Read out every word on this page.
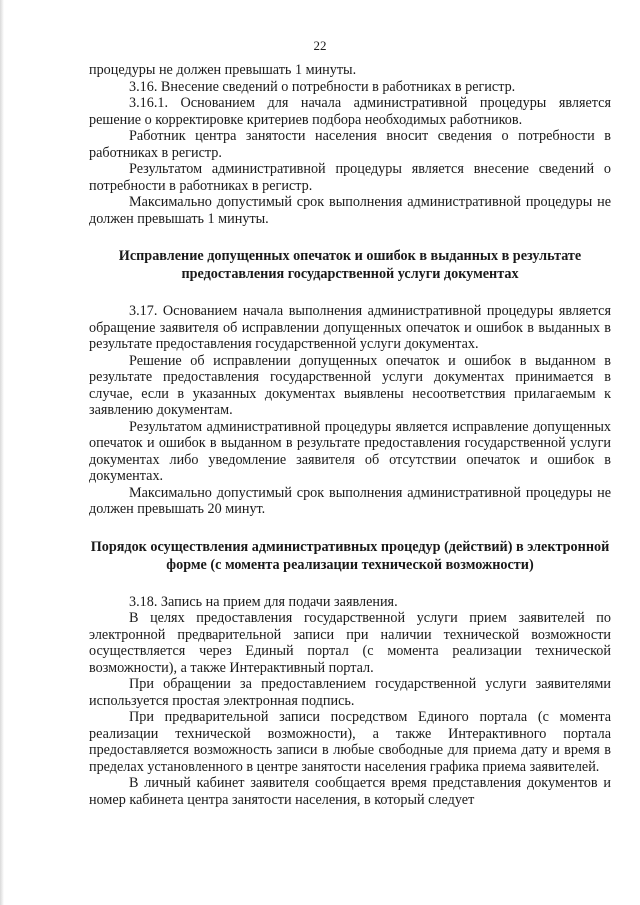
22

процедуры не должен превышать 1 минуты.

3.16. Внесение сведений о потребности в работниках в регистр.

3.16.1. Основанием для начала административной процедуры является решение о корректировке критериев подбора необходимых работников.

Работник центра занятости населения вносит сведения о потребности в работниках в регистр.

Результатом административной процедуры является внесение сведений о потребности в работниках в регистр.

Максимально допустимый срок выполнения административной процедуры не должен превышать 1 минуты.

Исправление допущенных опечаток и ошибок в выданных в результате предоставления государственной услуги документах

3.17. Основанием начала выполнения административной процедуры является обращение заявителя об исправлении допущенных опечаток и ошибок в выданных в результате предоставления государственной услуги документах.

Решение об исправлении допущенных опечаток и ошибок в выданном в результате предоставления государственной услуги документах принимается в случае, если в указанных документах выявлены несоответствия прилагаемым к заявлению документам.

Результатом административной процедуры является исправление допущенных опечаток и ошибок в выданном в результате предоставления государственной услуги документах либо уведомление заявителя об отсутствии опечаток и ошибок в документах.

Максимально допустимый срок выполнения административной процедуры не должен превышать 20 минут.

Порядок осуществления административных процедур (действий) в электронной форме (с момента реализации технической возможности)

3.18. Запись на прием для подачи заявления.

В целях предоставления государственной услуги прием заявителей по электронной предварительной записи при наличии технической возможности осуществляется через Единый портал (с момента реализации технической возможности), а также Интерактивный портал.

При обращении за предоставлением государственной услуги заявителями используется простая электронная подпись.

При предварительной записи посредством Единого портала (с момента реализации технической возможности), а также Интерактивного портала предоставляется возможность записи в любые свободные для приема дату и время в пределах установленного в центре занятости населения графика приема заявителей.

В личный кабинет заявителя сообщается время представления документов и номер кабинета центра занятости населения, в который следует
